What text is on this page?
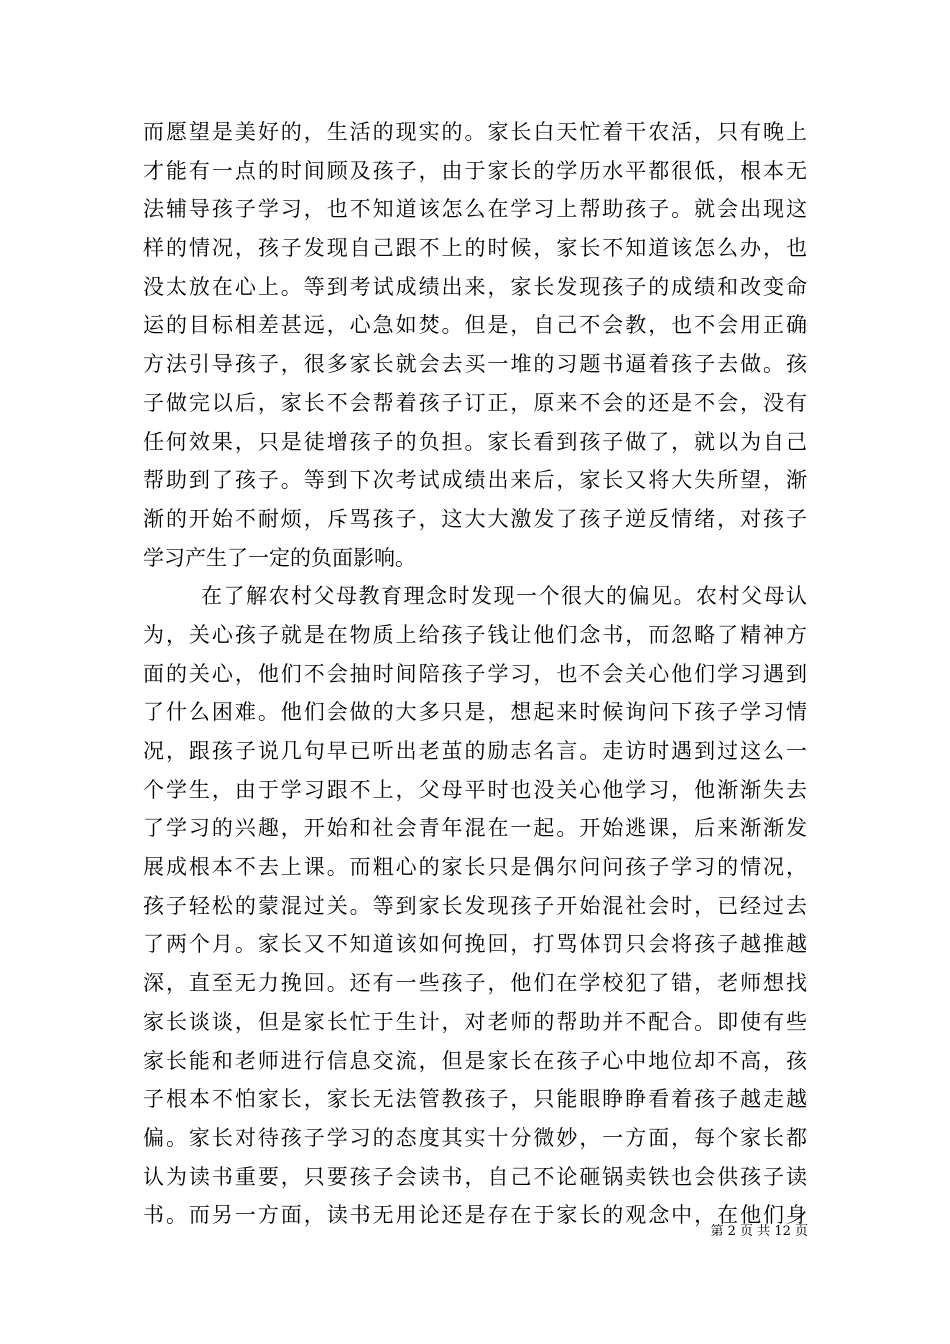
而愿望是美好的，生活的现实的。家长白天忙着干农活，只有晚上
才能有一点的时间顾及孩子，由于家长的学历水平都很低，根本无
法辅导孩子学习，也不知道该怎么在学习上帮助孩子。就会出现这
样的情况，孩子发现自己跟不上的时候，家长不知道该怎么办，也
没太放在心上。等到考试成绩出来，家长发现孩子的成绩和改变命
运的目标相差甚远，心急如焚。但是，自己不会教，也不会用正确
方法引导孩子，很多家长就会去买一堆的习题书逼着孩子去做。孩
子做完以后，家长不会帮着孩子订正，原来不会的还是不会，没有
任何效果，只是徒增孩子的负担。家长看到孩子做了，就以为自己
帮助到了孩子。等到下次考试成绩出来后，家长又将大失所望，渐
渐的开始不耐烦，斥骂孩子，这大大激发了孩子逆反情绪，对孩子
学习产生了一定的负面影响。
在了解农村父母教育理念时发现一个很大的偏见。农村父母认
为，关心孩子就是在物质上给孩子钱让他们念书，而忽略了精神方
面的关心，他们不会抽时间陪孩子学习，也不会关心他们学习遇到
了什么困难。他们会做的大多只是，想起来时候询问下孩子学习情
况，跟孩子说几句早已听出老茧的励志名言。走访时遇到过这么一
个学生，由于学习跟不上，父母平时也没关心他学习，他渐渐失去
了学习的兴趣，开始和社会青年混在一起。开始逃课，后来渐渐发
展成根本不去上课。而粗心的家长只是偶尔问问孩子学习的情况，
孩子轻松的蒙混过关。等到家长发现孩子开始混社会时，已经过去
了两个月。家长又不知道该如何挽回，打骂体罚只会将孩子越推越
深，直至无力挽回。还有一些孩子，他们在学校犯了错，老师想找
家长谈谈，但是家长忙于生计，对老师的帮助并不配合。即使有些
家长能和老师进行信息交流，但是家长在孩子心中地位却不高，孩
子根本不怕家长，家长无法管教孩子，只能眼睁睁看着孩子越走越
偏。家长对待孩子学习的态度其实十分微妙，一方面，每个家长都
认为读书重要，只要孩子会读书，自己不论砸锅卖铁也会供孩子读
书。而另一方面，读书无用论还是存在于家长的观念中，在他们身
第 2 页 共 12 页
